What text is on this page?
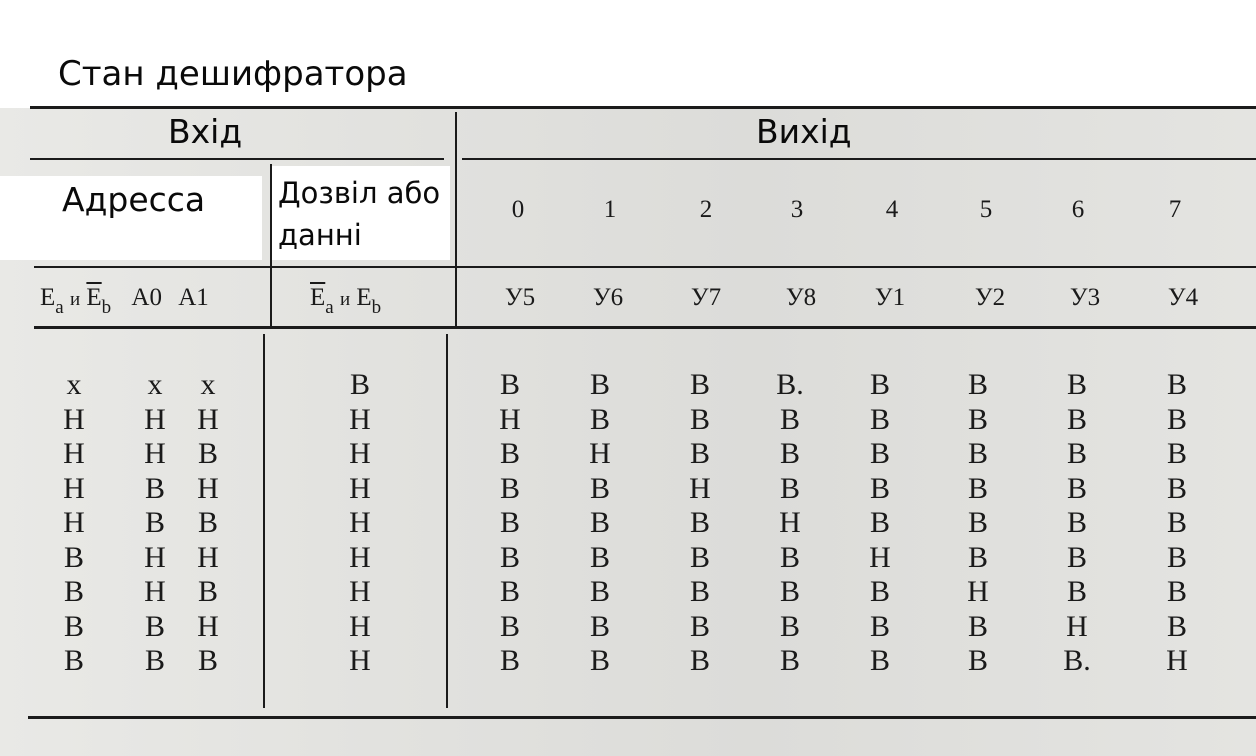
Стан дешифратора
Вхід	Вихід
Адресса	Дозвіл або
данні
$E_a$ и $\overline{E}_b$ A0 A1	$\overline{E}_a$ и $E_b$
0	1	2	3	4	5	6	7
У5	У6	У7	У8	У1	У2	У3	У4
x	x	x	В	В	В	В	В.	В	В	В	В
Н	Н	Н	Н	Н	В	В	В	В	В	В	В
Н	Н	В	Н	В	Н	В	В	В	В	В	В
Н	В	Н	Н	В	В	Н	В	В	В	В	В
Н	В	В	Н	В	В	В	Н	В	В	В	В
В	Н	Н	Н	В	В	В	В	Н	В	В	В
В	Н	В	Н	В	В	В	В	В	Н	В	В
В	В	Н	Н	В	В	В	В	В	В	Н	В
В	В	В	Н	В	В	В	В	В	В	В.	Н
